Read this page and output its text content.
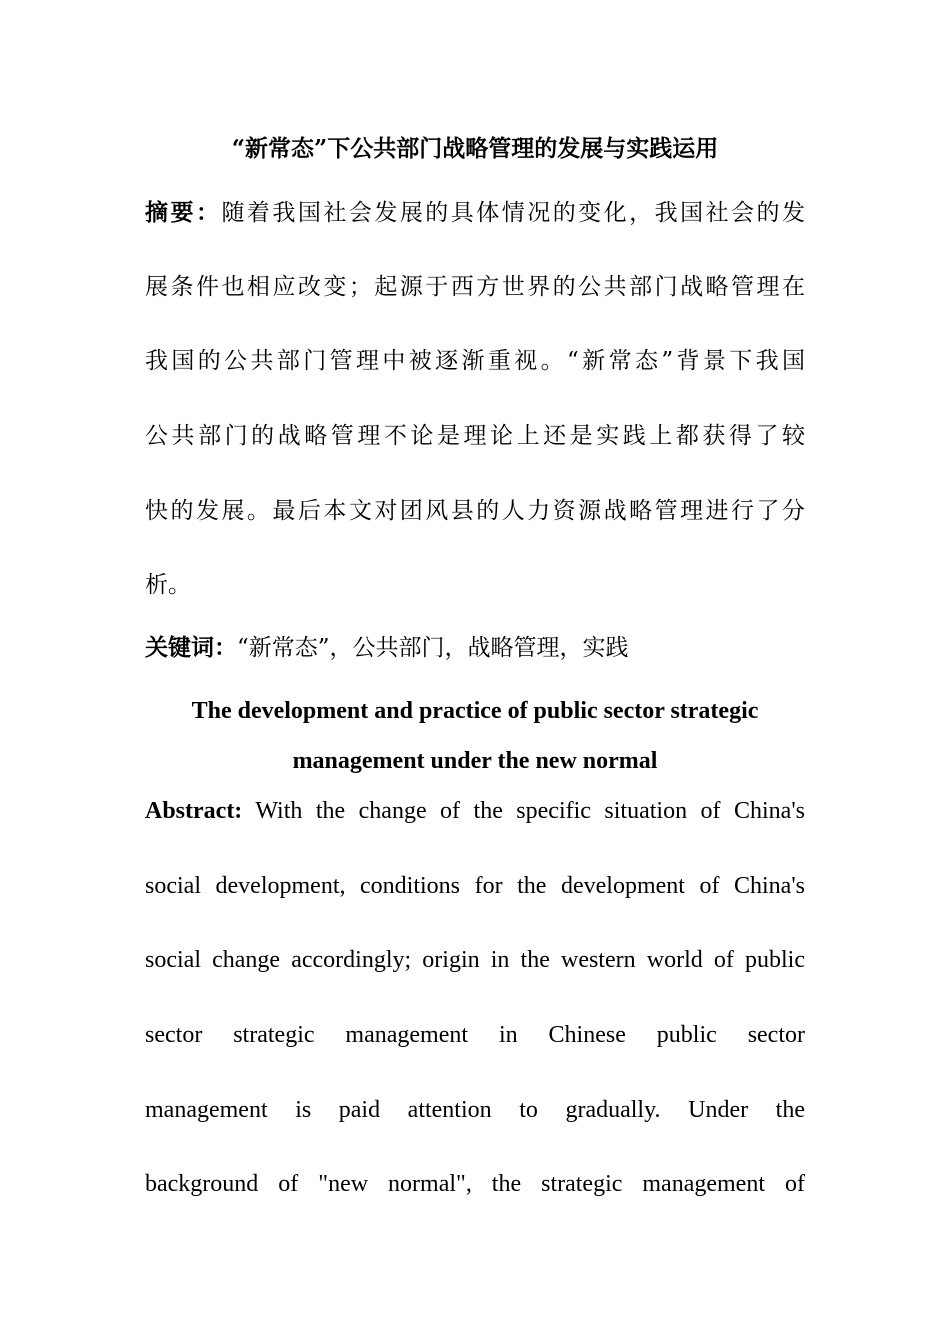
“新常态”下公共部门战略管理的发展与实践运用
摘要：随着我国社会发展的具体情况的变化，我国社会的发
展条件也相应改变；起源于西方世界的公共部门战略管理在
我国的公共部门管理中被逐渐重视。“新常态”背景下我国
公共部门的战略管理不论是理论上还是实践上都获得了较
快的发展。最后本文对团风县的人力资源战略管理进行了分
析。
关键词：“新常态”，公共部门，战略管理，实践
The development and practice of public sector strategic
management under the new normal
Abstract: With the change of the specific situation of China's
social development, conditions for the development of China's
social change accordingly; origin in the western world of public
sector strategic management in Chinese public sector
management is paid attention to gradually. Under the
background of "new normal", the strategic management of
